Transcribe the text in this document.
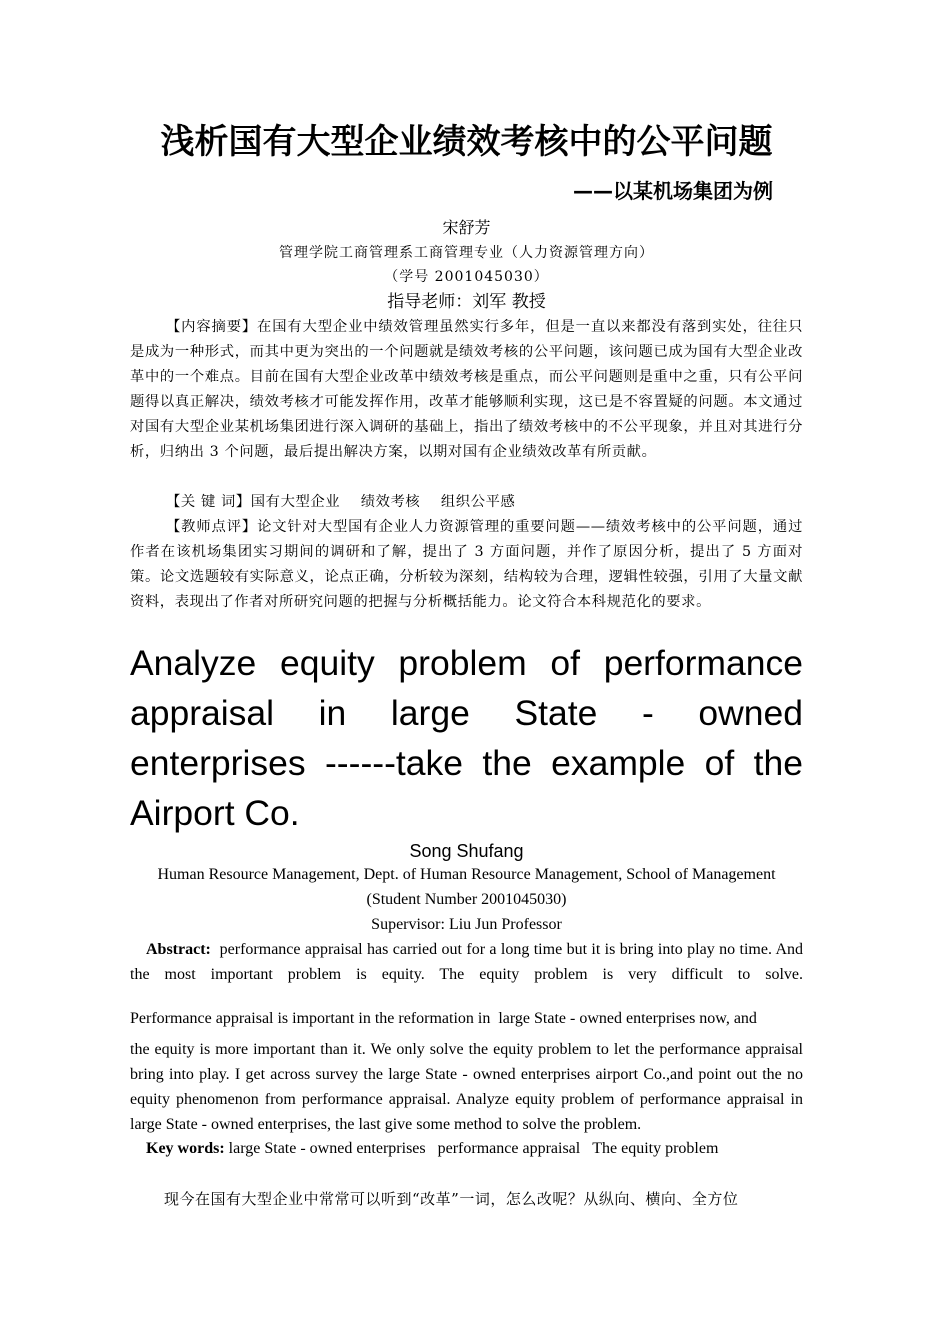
浅析国有大型企业绩效考核中的公平问题
——以某机场集团为例
宋舒芳
管理学院工商管理系工商管理专业（人力资源管理方向）
（学号 2001045030）
指导老师：刘军 教授
【内容摘要】在国有大型企业中绩效管理虽然实行多年，但是一直以来都没有落到实处，往往只是成为一种形式，而其中更为突出的一个问题就是绩效考核的公平问题，该问题已成为国有大型企业改革中的一个难点。目前在国有大型企业改革中绩效考核是重点，而公平问题则是重中之重，只有公平问题得以真正解决，绩效考核才可能发挥作用，改革才能够顺利实现，这已是不容置疑的问题。本文通过对国有大型企业某机场集团进行深入调研的基础上，指出了绩效考核中的不公平现象，并且对其进行分析，归纳出 3 个问题，最后提出解决方案，以期对国有企业绩效改革有所贡献。
【关 键 词】国有大型企业    绩效考核    组织公平感
【教师点评】论文针对大型国有企业人力资源管理的重要问题——绩效考核中的公平问题，通过作者在该机场集团实习期间的调研和了解，提出了 3 方面问题，并作了原因分析，提出了 5 方面对策。论文选题较有实际意义，论点正确，分析较为深刻，结构较为合理，逻辑性较强，引用了大量文献资料，表现出了作者对所研究问题的把握与分析概括能力。论文符合本科规范化的要求。
Analyze equity problem of performance appraisal in large State - owned enterprises ------take the example of the Airport Co.
Song Shufang
Human Resource Management, Dept. of Human Resource Management, School of Management
(Student Number 2001045030)
Supervisor: Liu Jun Professor
Abstract: performance appraisal has carried out for a long time but it is bring into play no time. And the most important problem is equity. The equity problem is very difficult to solve.
Performance appraisal is important in the reformation in  large State - owned enterprises now, and
the equity is more important than it. We only solve the equity problem to let the performance appraisal bring into play. I get across survey the large State - owned enterprises airport Co.,and point out the no equity phenomenon from performance appraisal. Analyze equity problem of performance appraisal in large State - owned enterprises, the last give some method to solve the problem.
Key words: large State - owned enterprises performance appraisal The equity problem
现今在国有大型企业中常常可以听到“改革”一词，怎么改呢？从纵向、横向、全方位
